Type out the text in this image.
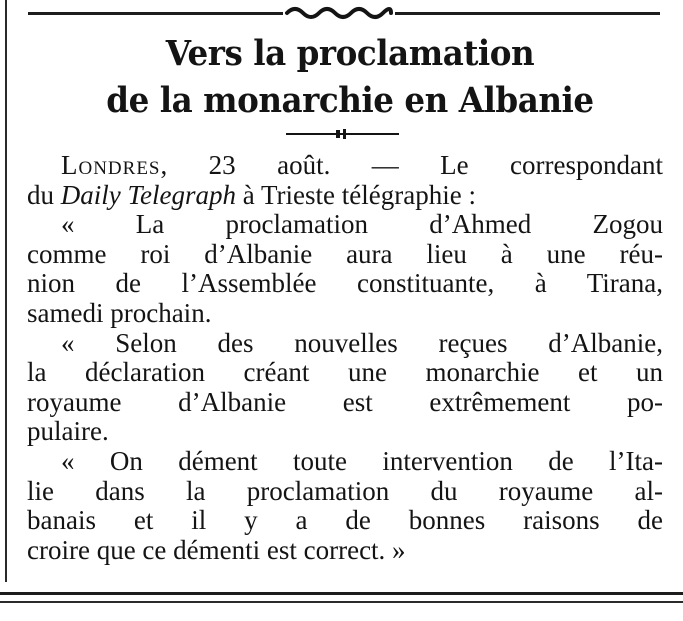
Vers la proclamation
de la monarchie en Albanie
Londres, 23 août. — Le correspondant
du Daily Telegraph à Trieste télégraphie :
« La proclamation d’Ahmed Zogou
comme roi d’Albanie aura lieu à une réu-
nion de l’Assemblée constituante, à Tirana,
samedi prochain.
« Selon des nouvelles reçues d’Albanie,
la déclaration créant une monarchie et un
royaume d’Albanie est extrêmement po-
pulaire.
« On dément toute intervention de l’Ita-
lie dans la proclamation du royaume al-
banais et il y a de bonnes raisons de
croire que ce démenti est correct. »
